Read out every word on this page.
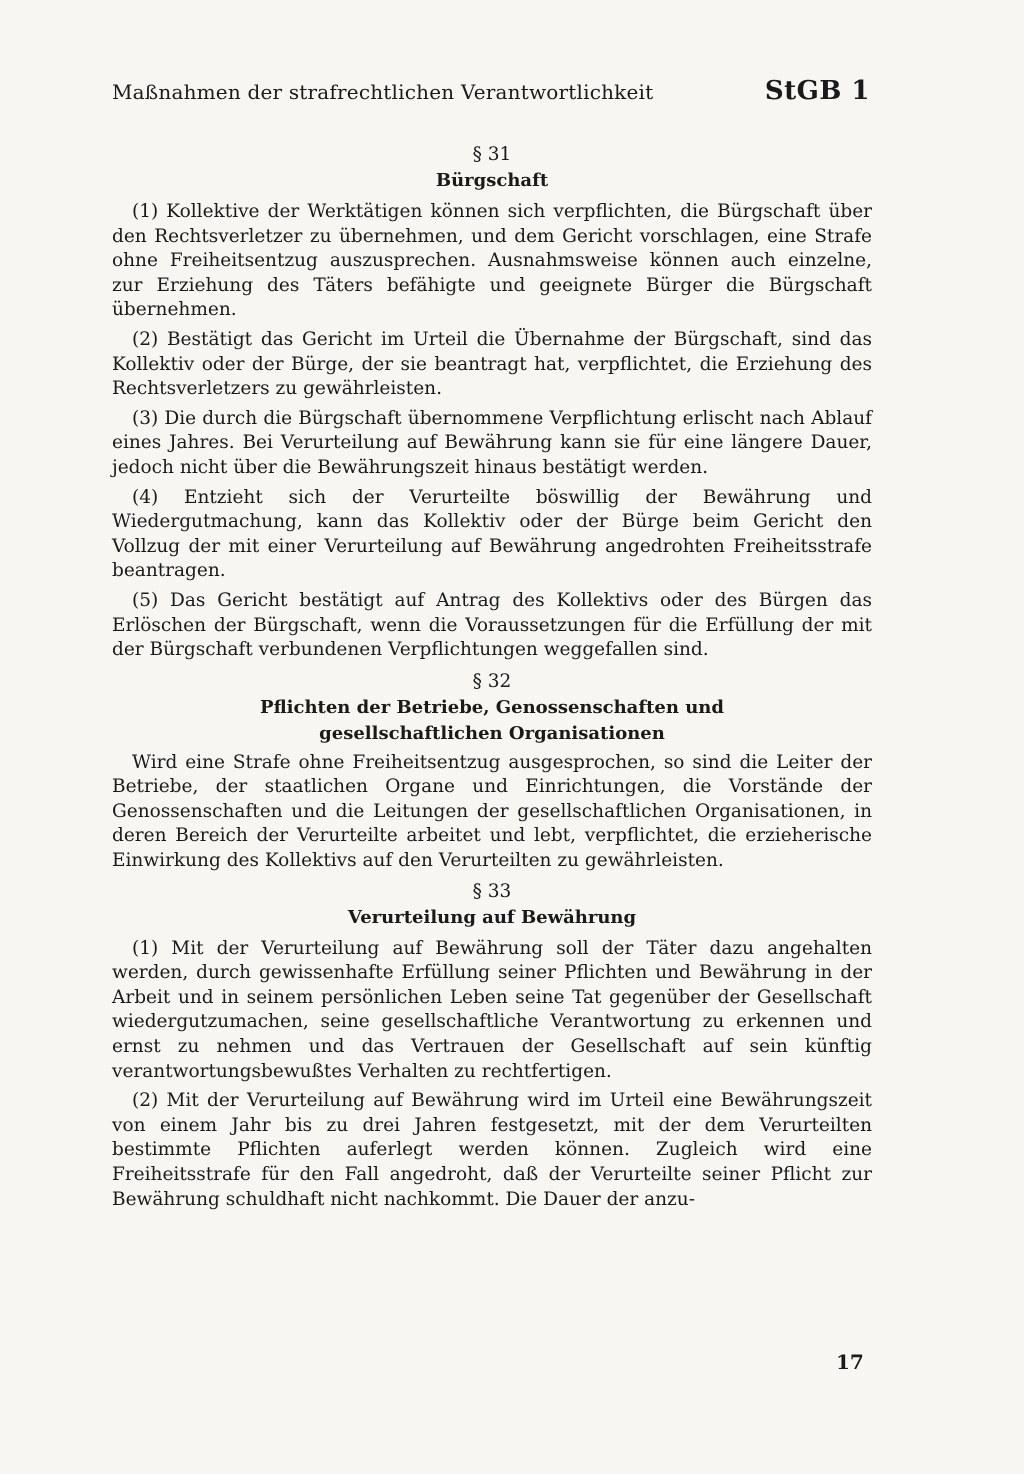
Maßnahmen der strafrechtlichen Verantwortlichkeit	StGB 1

§ 31

Bürgschaft

(1) Kollektive der Werktätigen können sich verpflichten, die Bürgschaft über den Rechtsverletzer zu übernehmen, und dem Gericht vorschlagen, eine Strafe ohne Freiheitsentzug auszusprechen. Ausnahmsweise können auch einzelne, zur Erziehung des Täters befähigte und geeignete Bürger die Bürgschaft übernehmen.

(2) Bestätigt das Gericht im Urteil die Übernahme der Bürgschaft, sind das Kollektiv oder der Bürge, der sie beantragt hat, verpflichtet, die Erziehung des Rechtsverletzers zu gewährleisten.

(3) Die durch die Bürgschaft übernommene Verpflichtung erlischt nach Ablauf eines Jahres. Bei Verurteilung auf Bewährung kann sie für eine längere Dauer, jedoch nicht über die Bewährungszeit hinaus bestätigt werden.

(4) Entzieht sich der Verurteilte böswillig der Bewährung und Wiedergutmachung, kann das Kollektiv oder der Bürge beim Gericht den Vollzug der mit einer Verurteilung auf Bewährung angedrohten Freiheitsstrafe beantragen.

(5) Das Gericht bestätigt auf Antrag des Kollektivs oder des Bürgen das Erlöschen der Bürgschaft, wenn die Voraussetzungen für die Erfüllung der mit der Bürgschaft verbundenen Verpflichtungen weggefallen sind.

§ 32

Pflichten der Betriebe, Genossenschaften und
gesellschaftlichen Organisationen

Wird eine Strafe ohne Freiheitsentzug ausgesprochen, so sind die Leiter der Betriebe, der staatlichen Organe und Einrichtungen, die Vorstände der Genossenschaften und die Leitungen der gesellschaftlichen Organisationen, in deren Bereich der Verurteilte arbeitet und lebt, verpflichtet, die erzieherische Einwirkung des Kollektivs auf den Verurteilten zu gewährleisten.

§ 33

Verurteilung auf Bewährung

(1) Mit der Verurteilung auf Bewährung soll der Täter dazu angehalten werden, durch gewissenhafte Erfüllung seiner Pflichten und Bewährung in der Arbeit und in seinem persönlichen Leben seine Tat gegenüber der Gesellschaft wiedergutzumachen, seine gesellschaftliche Verantwortung zu erkennen und ernst zu nehmen und das Vertrauen der Gesellschaft auf sein künftig verantwortungsbewußtes Verhalten zu rechtfertigen.

(2) Mit der Verurteilung auf Bewährung wird im Urteil eine Bewährungszeit von einem Jahr bis zu drei Jahren festgesetzt, mit der dem Verurteilten bestimmte Pflichten auferlegt werden können. Zugleich wird eine Freiheitsstrafe für den Fall angedroht, daß der Verurteilte seiner Pflicht zur Bewährung schuldhaft nicht nachkommt. Die Dauer der anzu-

17
